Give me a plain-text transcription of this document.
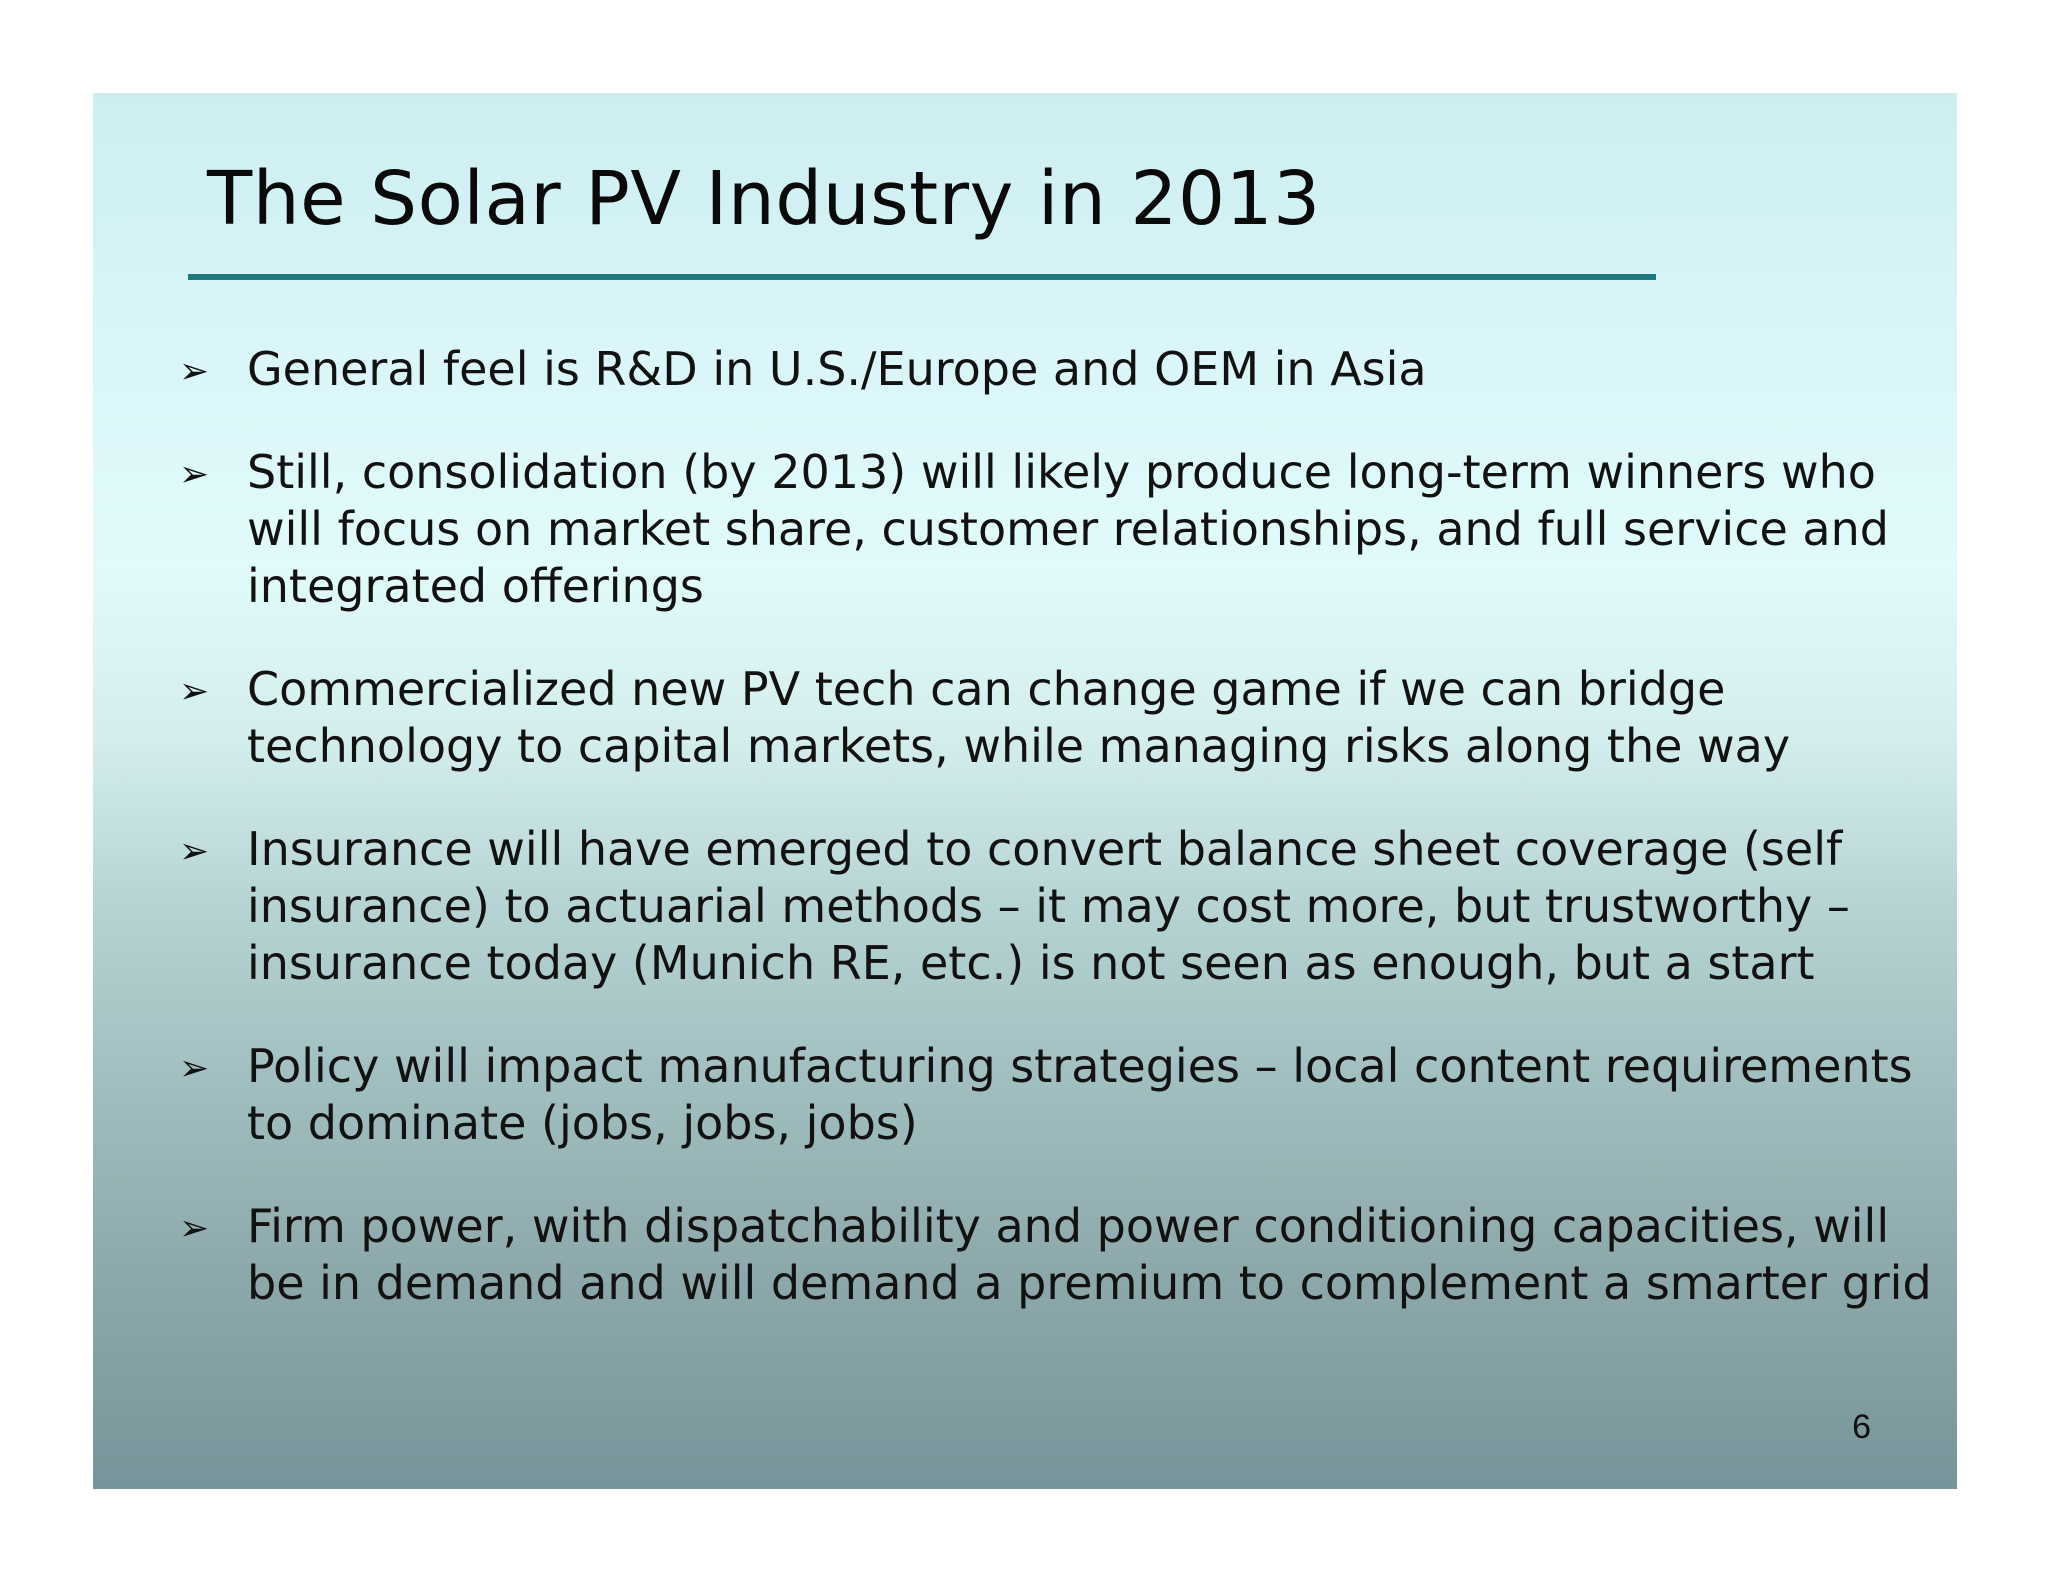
The Solar PV Industry in 2013
➢ General feel is R&D in U.S./Europe and OEM in Asia
➢ Still, consolidation (by 2013) will likely produce long-term winners who will focus on market share, customer relationships, and full service and integrated offerings
➢ Commercialized new PV tech can change game if we can bridge technology to capital markets, while managing risks along the way
➢ Insurance will have emerged to convert balance sheet coverage (self insurance) to actuarial methods – it may cost more, but trustworthy – insurance today (Munich RE, etc.) is not seen as enough, but a start
➢ Policy will impact manufacturing strategies – local content requirements to dominate (jobs, jobs, jobs)
➢ Firm power, with dispatchability and power conditioning capacities, will be in demand and will demand a premium to complement a smarter grid
6
